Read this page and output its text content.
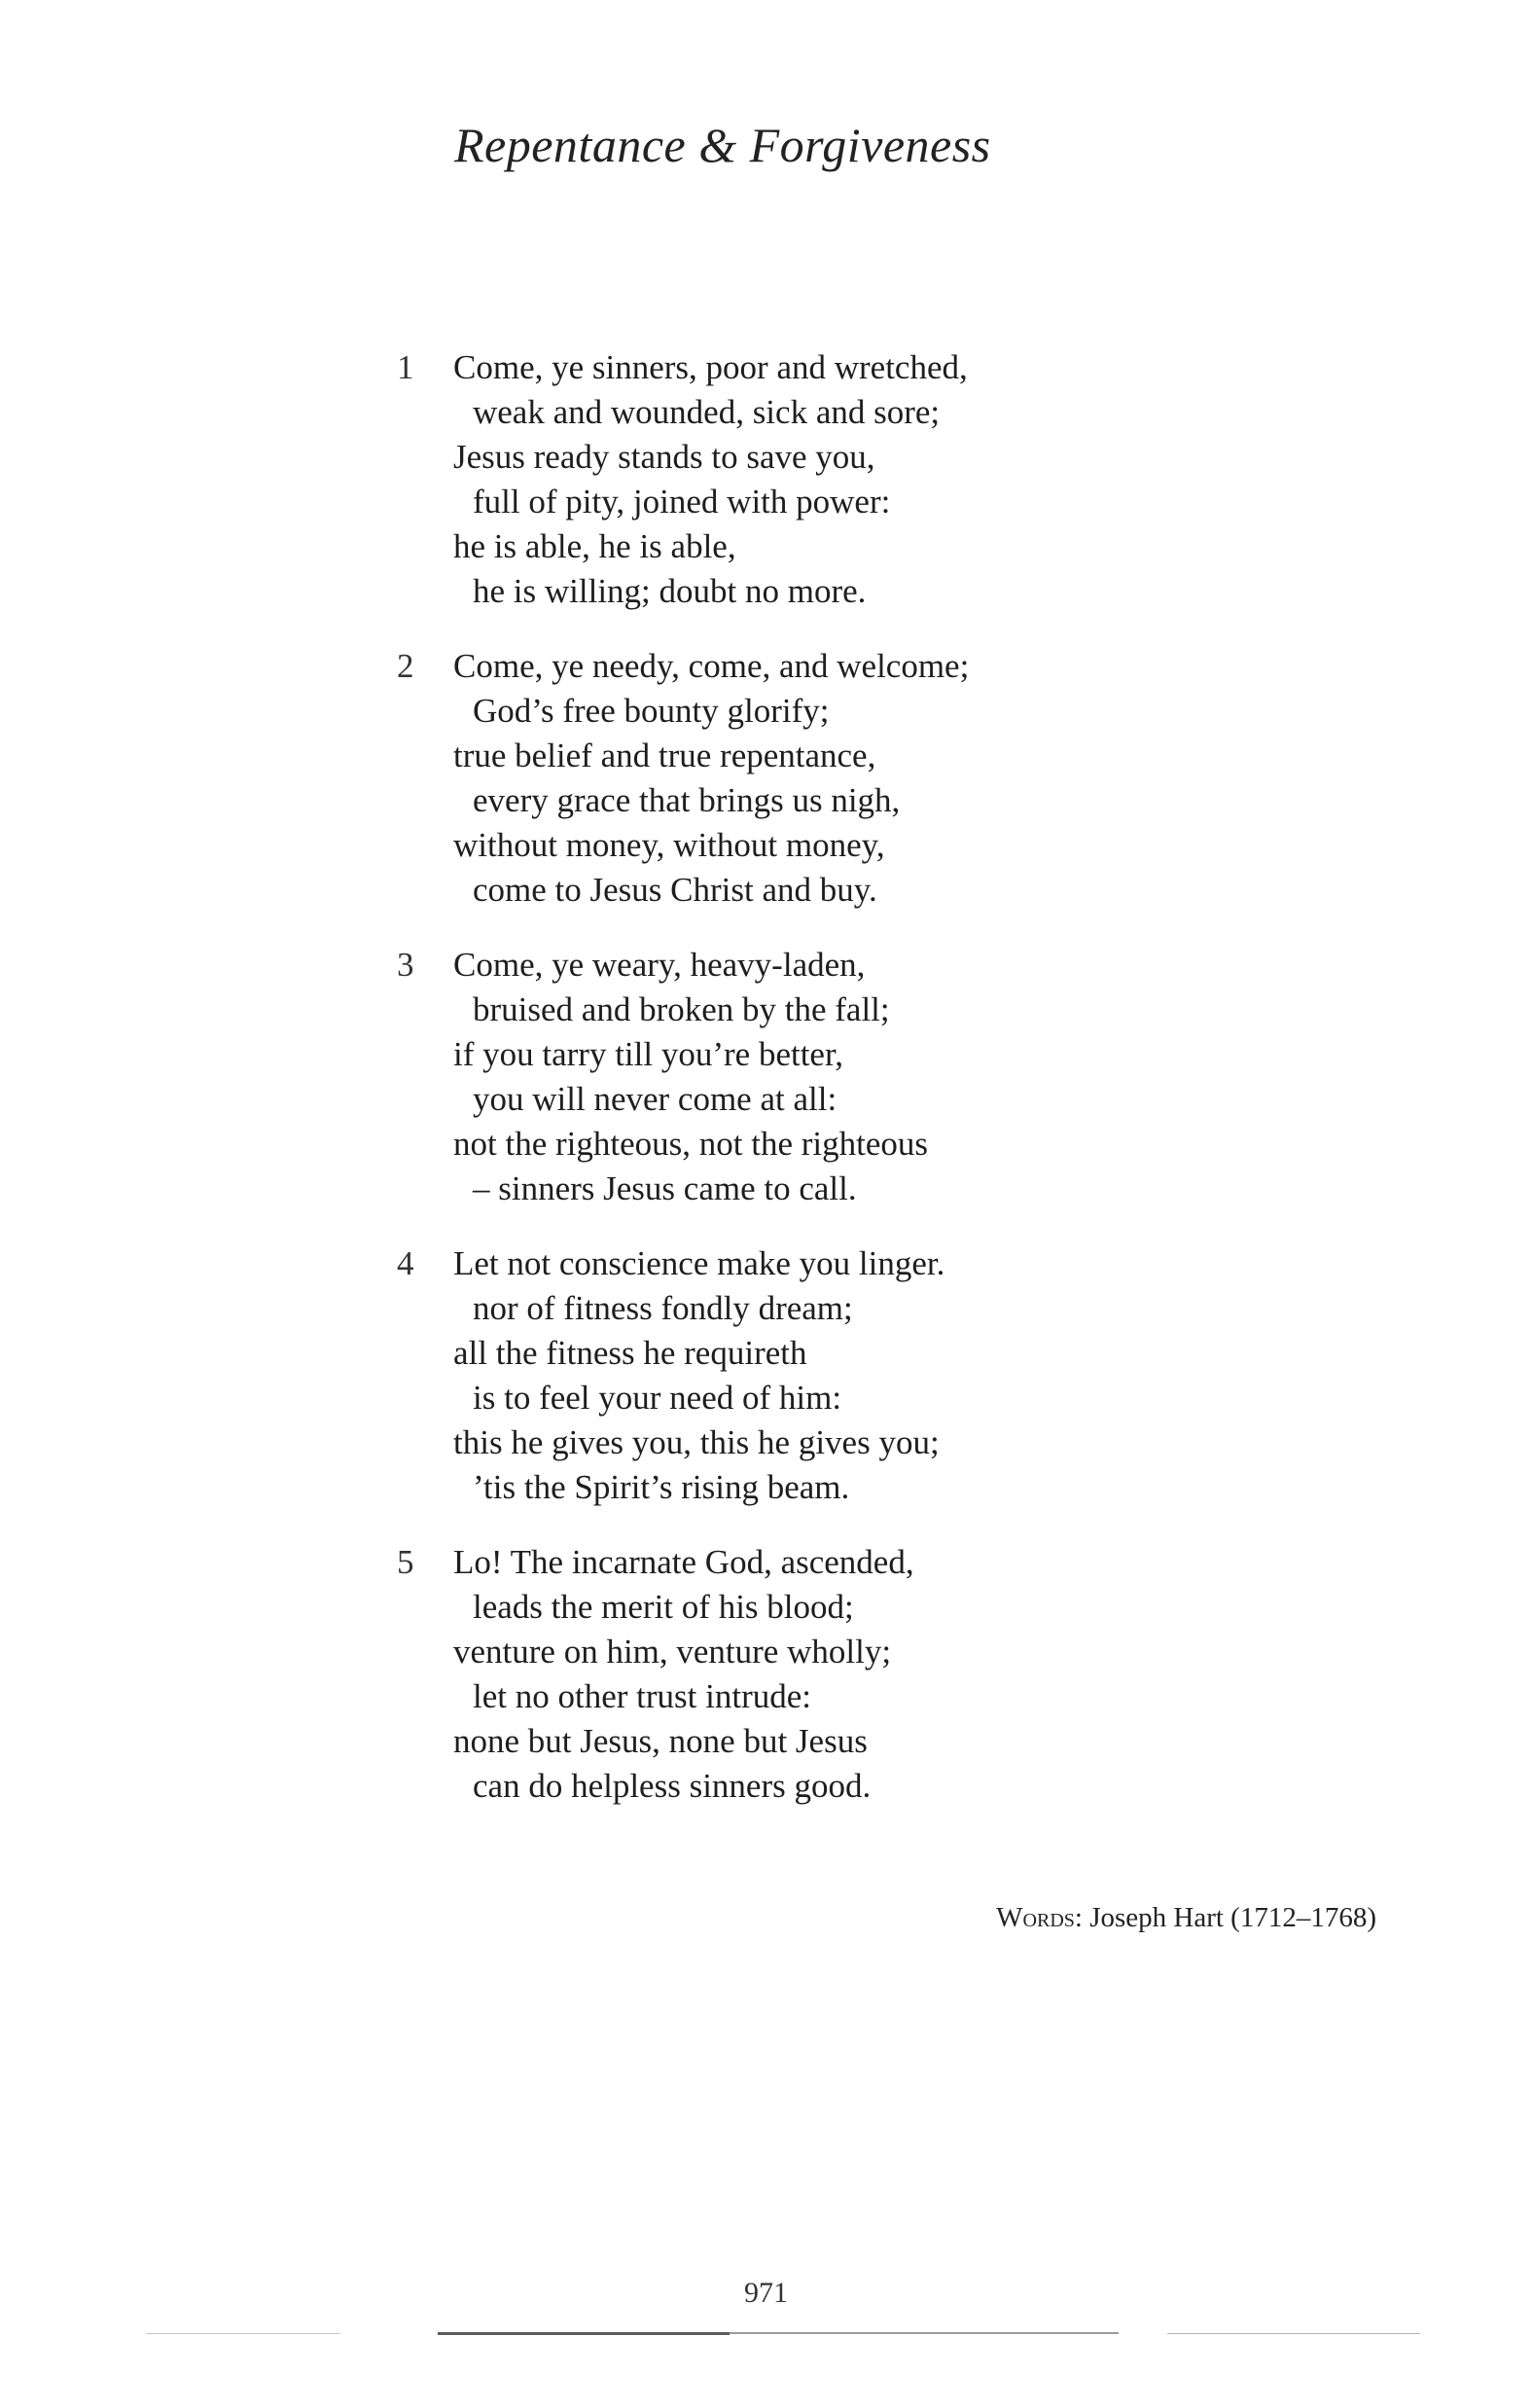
Repentance & Forgiveness
1 Come, ye sinners, poor and wretched,
weak and wounded, sick and sore;
Jesus ready stands to save you,
full of pity, joined with power:
he is able, he is able,
he is willing; doubt no more.
2 Come, ye needy, come, and welcome;
God’s free bounty glorify;
true belief and true repentance,
every grace that brings us nigh,
without money, without money,
come to Jesus Christ and buy.
3 Come, ye weary, heavy-laden,
bruised and broken by the fall;
if you tarry till you’re better,
you will never come at all:
not the righteous, not the righteous
– sinners Jesus came to call.
4 Let not conscience make you linger.
nor of fitness fondly dream;
all the fitness he requireth
is to feel your need of him:
this he gives you, this he gives you;
’tis the Spirit’s rising beam.
5 Lo! The incarnate God, ascended,
leads the merit of his blood;
venture on him, venture wholly;
let no other trust intrude:
none but Jesus, none but Jesus
can do helpless sinners good.
Words: Joseph Hart (1712–1768)
971
